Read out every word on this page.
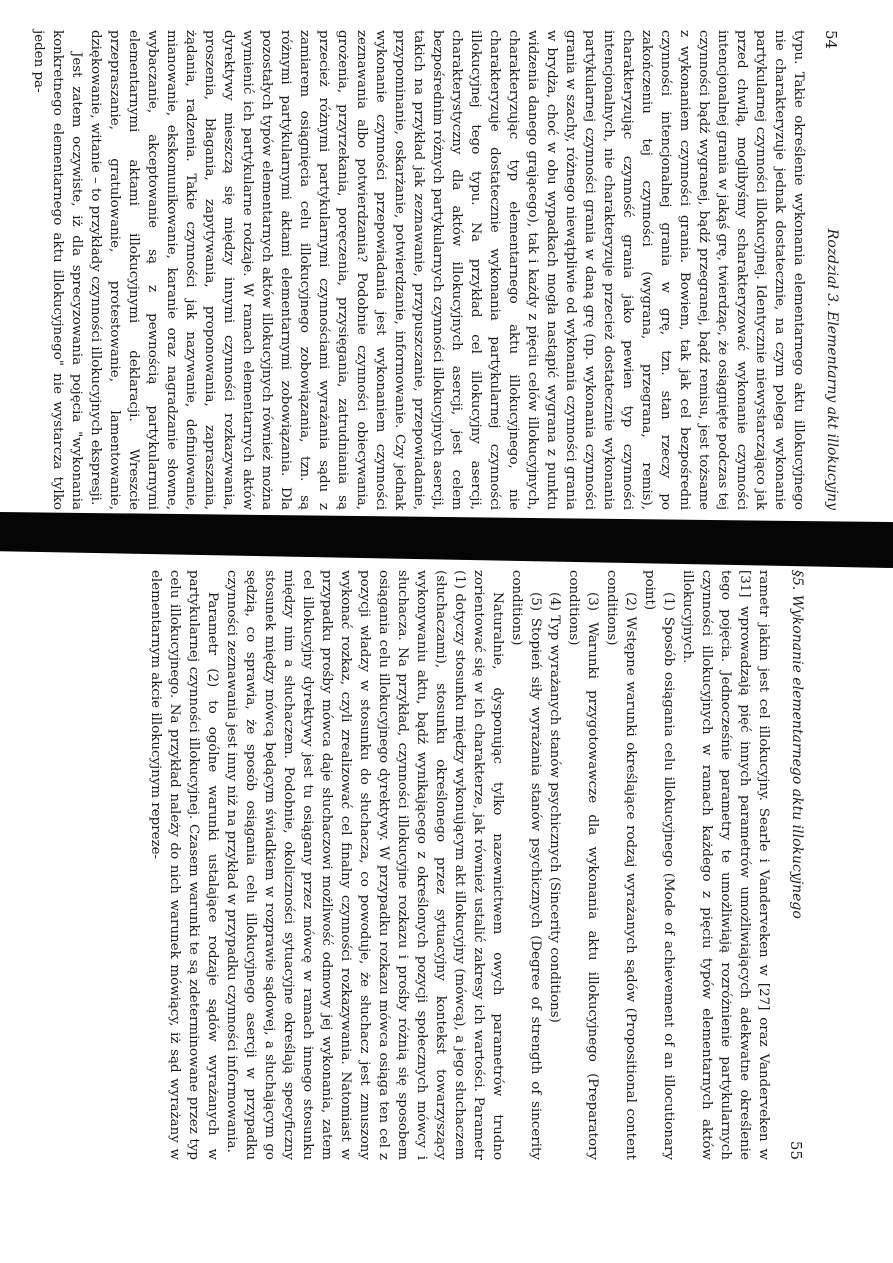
54
Rozdział 3. Elementarny akt illokucyjny

typu. Takie określenie wykonania elementarnego aktu illokucyjnego nie charakteryzuje jednak dostatecznie, na czym polega wykonanie partykularnej czynności illokucyjnej. Identycznie niewystarczająco jak przed chwilą, moglibyśmy scharakteryzować wykonanie czynności intencjonalnej grania w jakąś grę, twierdząc, że osiągnięte podczas tej czynności bądź wygranej, bądź przegranej, bądź remisu, jest tożsame z wykonaniem czynności grania. Bowiem, tak jak cel bezpośredni czynności intencjonalnej grania w grę, tzn. stan rzeczy po zakończeniu tej czynności (wygrana, przegrana, remis), charakteryzując czynność grania jako pewien typ czynności intencjonalnych, nie charakteryzuje przecież dostatecznie wykonania partykularnej czynności grania w daną grę (np. wykonania czynności grania w szachy, różnego niewątpliwie od wykonania czynności grania w brydża, choć w obu wypadkach mogła nastąpić wygrana z punktu widzenia danego grającego), tak i każdy z pięciu celów illokucyjnych, charakteryzując typ elementarnego aktu illokucyjnego, nie charakteryzuje dostatecznie wykonania partykularnej czynności illokucyjnej tego typu. Na przykład cel illokucyjny asercji, charakterystyczny dla aktów illokucyjnych asercji, jest celem bezpośrednim różnych partykularnych czynności illokucyjnych asercji, takich na przykład jak zeznawanie, przypuszczanie, przepowiadanie, przypominanie, oskarżanie, potwierdzanie, informowanie. Czy jednak wykonanie czynności przepowiadania jest wykonaniem czynności zeznawania albo potwierdzania? Podobnie czynności obiecywania, grożenia, przyrzekania, poręczenia, przysięgania, zatrudniania są przecież różnymi partykularnymi czynnościami wyrażania sądu z zamiarem osiągnięcia celu illokucyjnego zobowiązania, tzn. są różnymi partykularnymi aktami elementarnymi zobowiązania. Dla pozostałych typów elementarnych aktów illokucyjnych również można wymienić ich partykularne rodzaje. W ramach elementarnych aktów dyrektywy mieszczą się między innymi czynności rozkazywania, proszenia, błagania, zapytywania, proponowania, zapraszania, żądania, radzenia. Takie czynności jak nazywanie, definiowanie, mianowanie, ekskomunikowanie, karanie oraz nagradzanie słowne, wybaczanie, akceptowanie są z pewnością partykularnymi elementarnymi aktami illokucyjnymi deklaracji. Wreszcie przepraszanie, gratulowanie, protestowanie, lamentowanie, dziękowanie, witanie – to przykłady czynności illokucyjnych ekspresji.

Jest zatem oczywiste, iż dla sprecyzowania pojęcia "wykonania konkretnego elementarnego aktu illokucyjnego" nie wystarcza tylko jeden pa-

§5. Wykonanie elementarnego aktu illokucyjnego
55

rametr jakim jest cel illokucyjny. Searle i Vanderveken w [27] oraz Vanderveken w [31] wprowadzają pięć innych parametrów umożliwiających adekwatne określenie tego pojęcia. Jednocześnie parametry te umożliwiają rozróżnienie partykularnych czynności illokucyjnych w ramach każdego z pięciu typów elementarnych aktów illokucyjnych.

(1) Sposób osiągania celu illokucyjnego (Mode of achievement of an illocutionary point)

(2) Wstępne warunki określające rodzaj wyrażanych sądów (Propositional content conditions)

(3) Warunki przygotowawcze dla wykonania aktu illokucyjnego (Preparatory conditions)

(4) Typ wyrażanych stanów psychicznych (Sincerity conditions)

(5) Stopień siły wyrażania stanów psychicznych (Degree of strength of sincerity conditions)

Naturalnie, dysponując tylko nazewnictwem owych parametrów trudno zorientować się w ich charakterze, jak również ustalić zakresy ich wartości. Parametr (1) dotyczy stosunku między wykonującym akt illokucyjny (mówcą), a jego słuchaczem (słuchaczami), stosunku określonego przez sytuacyjny kontekst towarzyszący wykonywaniu aktu, bądź wynikającego z określonych pozycji społecznych mówcy i słuchacza. Na przykład, czynności illokucyjne rozkazu i prośby różnią się sposobem osiągania celu illokucyjnego dyrektywy. W przypadku rozkazu mówca osiąga ten cel z pozycji władzy w stosunku do słuchacza, co powoduje, że słuchacz jest zmuszony wykonać rozkaz, czyli zrealizować cel finalny czynności rozkazywania. Natomiast w przypadku prośby mówca daje słuchaczowi możliwość odmowy jej wykonania, zatem cel illokucyjny dyrektywy jest tu osiągany przez mówcę w ramach innego stosunku między nim a słuchaczem. Podobnie, okoliczności sytuacyjne określają specyficzny stosunek między mówcą będącym świadkiem w rozprawie sądowej, a słuchającym go sędzią, co sprawia, że sposób osiągania celu illokucyjnego asercji w przypadku czynności zeznawania jest inny niż na przykład w przypadku czynności informowania.

Parametr (2) to ogólne warunki ustalające rodzaje sądów wyrażanych w partykularnej czynności illokucyjnej. Czasem warunki te są zdeterminowane przez typ celu illokucyjnego. Na przykład należy do nich warunek mówiący, iż sąd wyrażany w elementarnym akcie illokucyjnym repreze-
